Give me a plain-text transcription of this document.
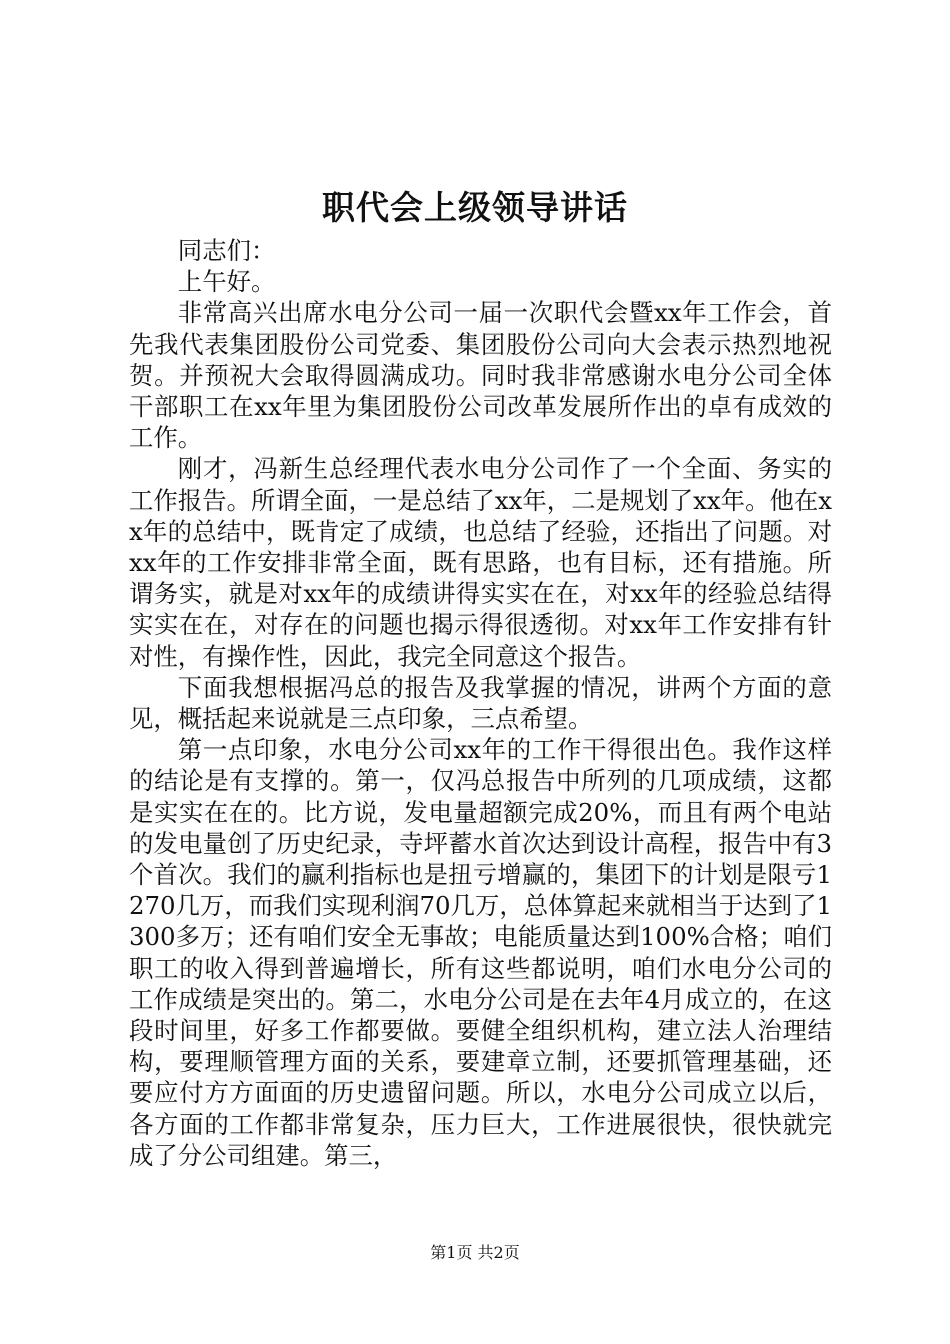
职代会上级领导讲话

同志们：

上午好。

非常高兴出席水电分公司一届一次职代会暨xx年工作会，首先我代表集团股份公司党委、集团股份公司向大会表示热烈地祝贺。并预祝大会取得圆满成功。同时我非常感谢水电分公司全体干部职工在xx年里为集团股份公司改革发展所作出的卓有成效的工作。

刚才，冯新生总经理代表水电分公司作了一个全面、务实的工作报告。所谓全面，一是总结了xx年，二是规划了xx年。他在xx年的总结中，既肯定了成绩，也总结了经验，还指出了问题。对xx年的工作安排非常全面，既有思路，也有目标，还有措施。所谓务实，就是对xx年的成绩讲得实实在在，对xx年的经验总结得实实在在，对存在的问题也揭示得很透彻。对xx年工作安排有针对性，有操作性，因此，我完全同意这个报告。

下面我想根据冯总的报告及我掌握的情况，讲两个方面的意见，概括起来说就是三点印象，三点希望。

第一点印象，水电分公司xx年的工作干得很出色。我作这样的结论是有支撑的。第一，仅冯总报告中所列的几项成绩，这都是实实在在的。比方说，发电量超额完成20%，而且有两个电站的发电量创了历史纪录，寺坪蓄水首次达到设计高程，报告中有3个首次。我们的赢利指标也是扭亏增赢的，集团下的计划是限亏1270几万，而我们实现利润70几万，总体算起来就相当于达到了1300多万；还有咱们安全无事故；电能质量达到100%合格；咱们职工的收入得到普遍增长，所有这些都说明，咱们水电分公司的工作成绩是突出的。第二，水电分公司是在去年4月成立的，在这段时间里，好多工作都要做。要健全组织机构，建立法人治理结构，要理顺管理方面的关系，要建章立制，还要抓管理基础，还要应付方方面面的历史遗留问题。所以，水电分公司成立以后，各方面的工作都非常复杂，压力巨大，工作进展很快，很快就完成了分公司组建。第三，

第1页 共2页
